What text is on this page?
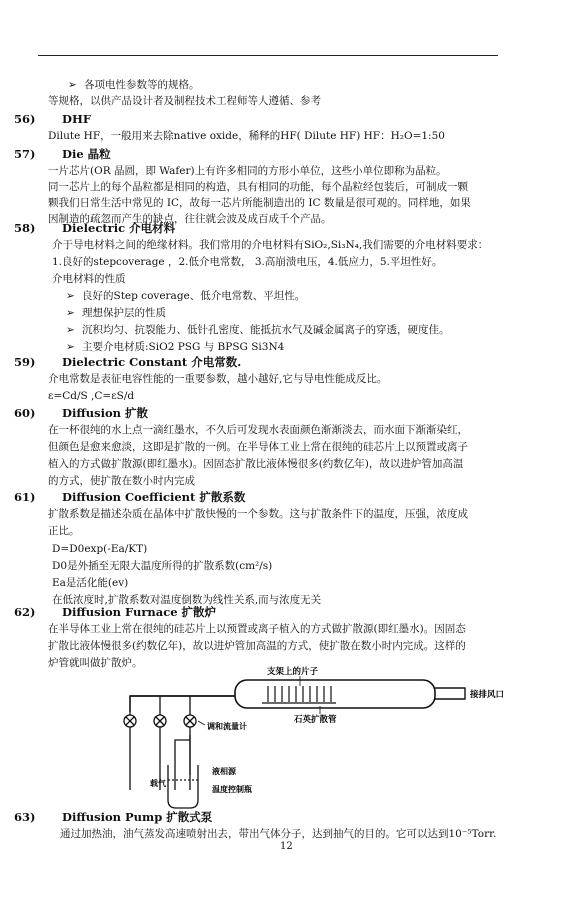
➢ 各项电性参数等的规格。
等规格，以供产品设计者及制程技术工程师等人遵循、参考
56) DHF
Dilute HF，一般用来去除native oxide，稀释的HF( Dilute HF) HF：H₂O=1:50
57) Die 晶粒
一片芯片(OR 晶圆，即 Wafer)上有许多相同的方形小单位，这些小单位即称为晶粒。
同一芯片上的每个晶粒都是相同的构造，具有相同的功能，每个晶粒经包装后，可制成一颗
颗我们日常生活中常见的 IC，故每一芯片所能制造出的 IC 数量是很可观的。同样地，如果
因制造的疏忽而产生的缺点，往往就会波及成百成千个产品。
58) Dielectric 介电材料
介于导电材料之间的绝缘材料。我们常用的介电材料有SiO₂,Si₃N₄,我们需要的介电材料要求：
1.良好的stepcoverage ，2.低介电常数， 3.高崩溃电压，4.低应力，5.平坦性好。
介电材料的性质
➢ 良好的Step coverage、低介电常数、平坦性。
➢ 理想保护层的性质
➢ 沉积均匀、抗裂能力、低针孔密度、能抵抗水气及碱金属离子的穿透，硬度佳。
➢ 主要介电材质:SiO2 PSG 与 BPSG Si3N4
59) Dielectric Constant 介电常数.
介电常数是表征电容性能的一重要参数，越小越好,它与导电性能成反比。
ε=Cd/S ,C=εS/d
60) Diffusion 扩散
在一杯很纯的水上点一滴红墨水，不久后可发现水表面颜色渐渐淡去，而水面下渐渐染红，
但颜色是愈来愈淡，这即是扩散的一例。在半导体工业上常在很纯的硅芯片上以预置或离子
植入的方式做扩散源(即红墨水)。因固态扩散比液体慢很多(约数亿年)，故以进炉管加高温
的方式，使扩散在数小时内完成
61) Diffusion Coefficient 扩散系数
扩散系数是描述杂质在晶体中扩散快慢的一个参数。这与扩散条件下的温度，压强，浓度成
正比。
D=D0exp(-Ea/KT)
D0是外插至无限大温度所得的扩散系数(cm²/s)
Ea是活化能(ev)
在低浓度时,扩散系数对温度倒数为线性关系,而与浓度无关
62) Diffusion Furnace 扩散炉
在半导体工业上常在很纯的硅芯片上以预置或离子植入的方式做扩散源(即红墨水)。因固态
扩散比液体慢很多(约数亿年)，故以进炉管加高温的方式，使扩散在数小时内完成。这样的
炉管就叫做扩散炉。
支架上的片子
接排风口
石英扩散管
调和流量计
载气
液相源
温度控制瓶
63) Diffusion Pump 扩散式泵
通过加热油，油气蒸发高速喷射出去，带出气体分子，达到抽气的目的。它可以达到10⁻⁵Torr.
12
